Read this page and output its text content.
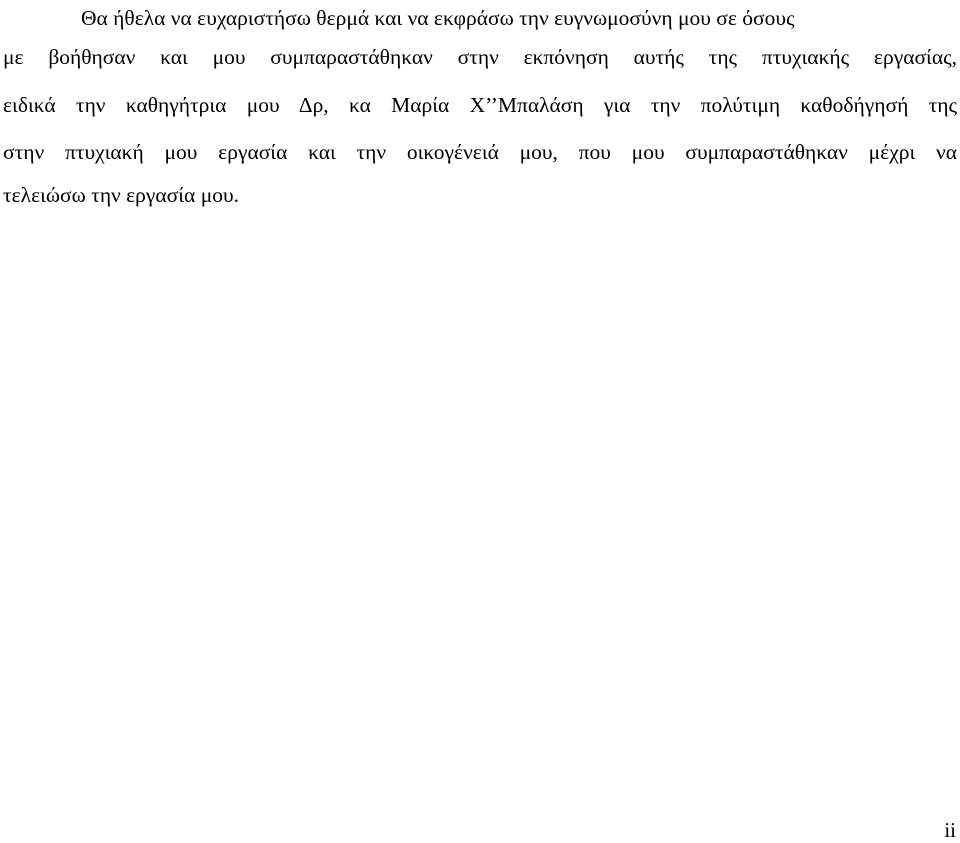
Θα ήθελα να ευχαριστήσω θερμά και να εκφράσω την ευγνωμοσύνη μου σε όσους
με βοήθησαν και μου συμπαραστάθηκαν στην εκπόνηση αυτής της πτυχιακής εργασίας,
ειδικά την καθηγήτρια μου Δρ, κα Μαρία Χ’’Μπαλάση για την πολύτιμη καθοδήγησή της
στην πτυχιακή μου εργασία και την οικογένειά μου, που μου συμπαραστάθηκαν μέχρι να
τελειώσω την εργασία μου.
ii
